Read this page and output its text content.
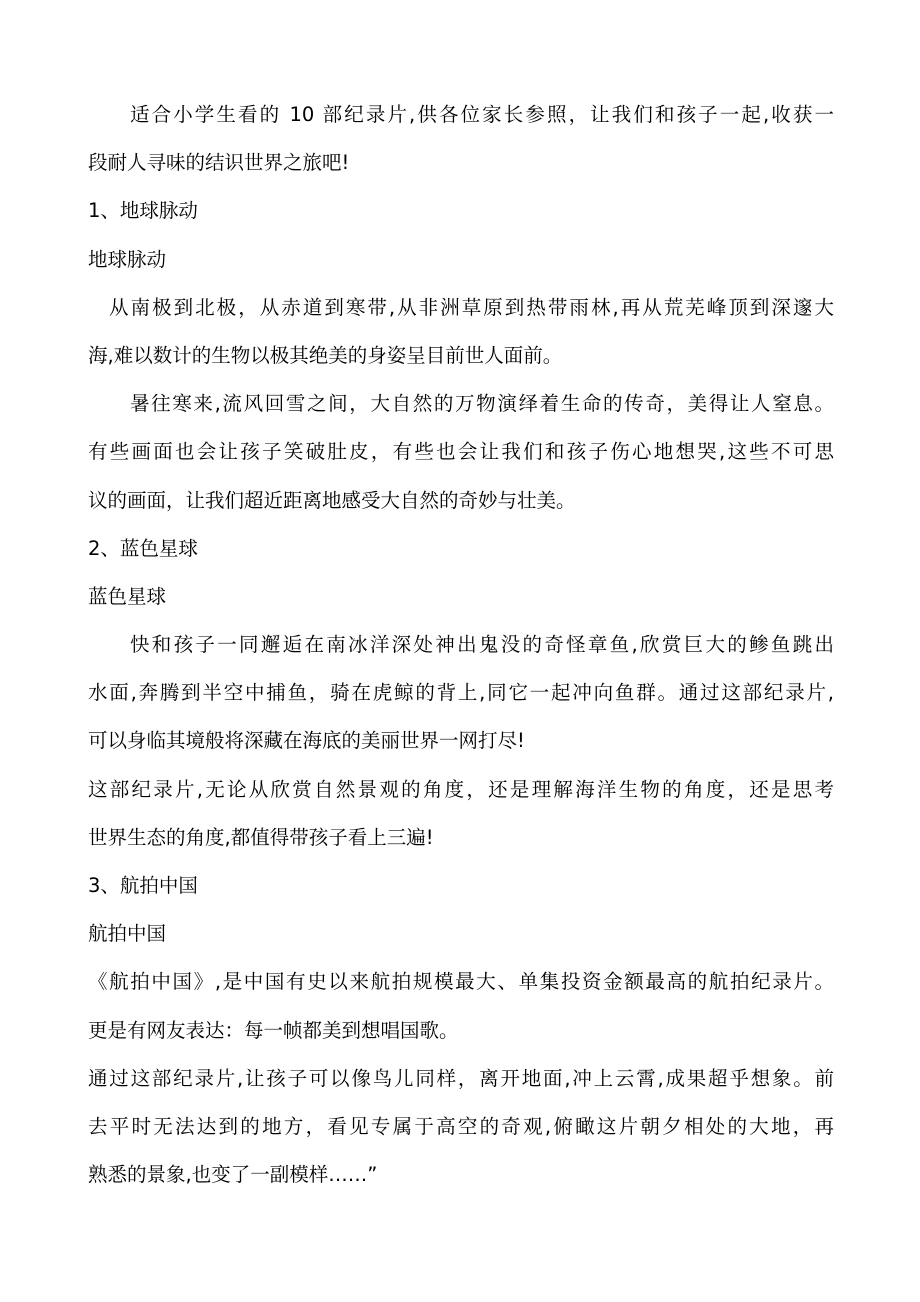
适合小学生看的 10 部纪录片,供各位家长参照，让我们和孩子一起,收获一
段耐人寻味的结识世界之旅吧!
1、地球脉动
地球脉动
从南极到北极，从赤道到寒带,从非洲草原到热带雨林,再从荒芜峰顶到深邃大
海,难以数计的生物以极其绝美的身姿呈目前世人面前。
暑往寒来,流风回雪之间，大自然的万物演绎着生命的传奇，美得让人窒息。
有些画面也会让孩子笑破肚皮，有些也会让我们和孩子伤心地想哭,这些不可思
议的画面，让我们超近距离地感受大自然的奇妙与壮美。
2、蓝色星球
蓝色星球
快和孩子一同邂逅在南冰洋深处神出鬼没的奇怪章鱼,欣赏巨大的鲹鱼跳出
水面,奔腾到半空中捕鱼，骑在虎鲸的背上,同它一起冲向鱼群。通过这部纪录片,
可以身临其境般将深藏在海底的美丽世界一网打尽!
这部纪录片,无论从欣赏自然景观的角度，还是理解海洋生物的角度，还是思考
世界生态的角度,都值得带孩子看上三遍!
3、航拍中国
航拍中国
《航拍中国》,是中国有史以来航拍规模最大、单集投资金额最高的航拍纪录片。
更是有网友表达：每一帧都美到想唱国歌。
通过这部纪录片,让孩子可以像鸟儿同样，离开地面,冲上云霄,成果超乎想象。前
去平时无法达到的地方，看见专属于高空的奇观,俯瞰这片朝夕相处的大地，再
熟悉的景象,也变了一副模样……”
